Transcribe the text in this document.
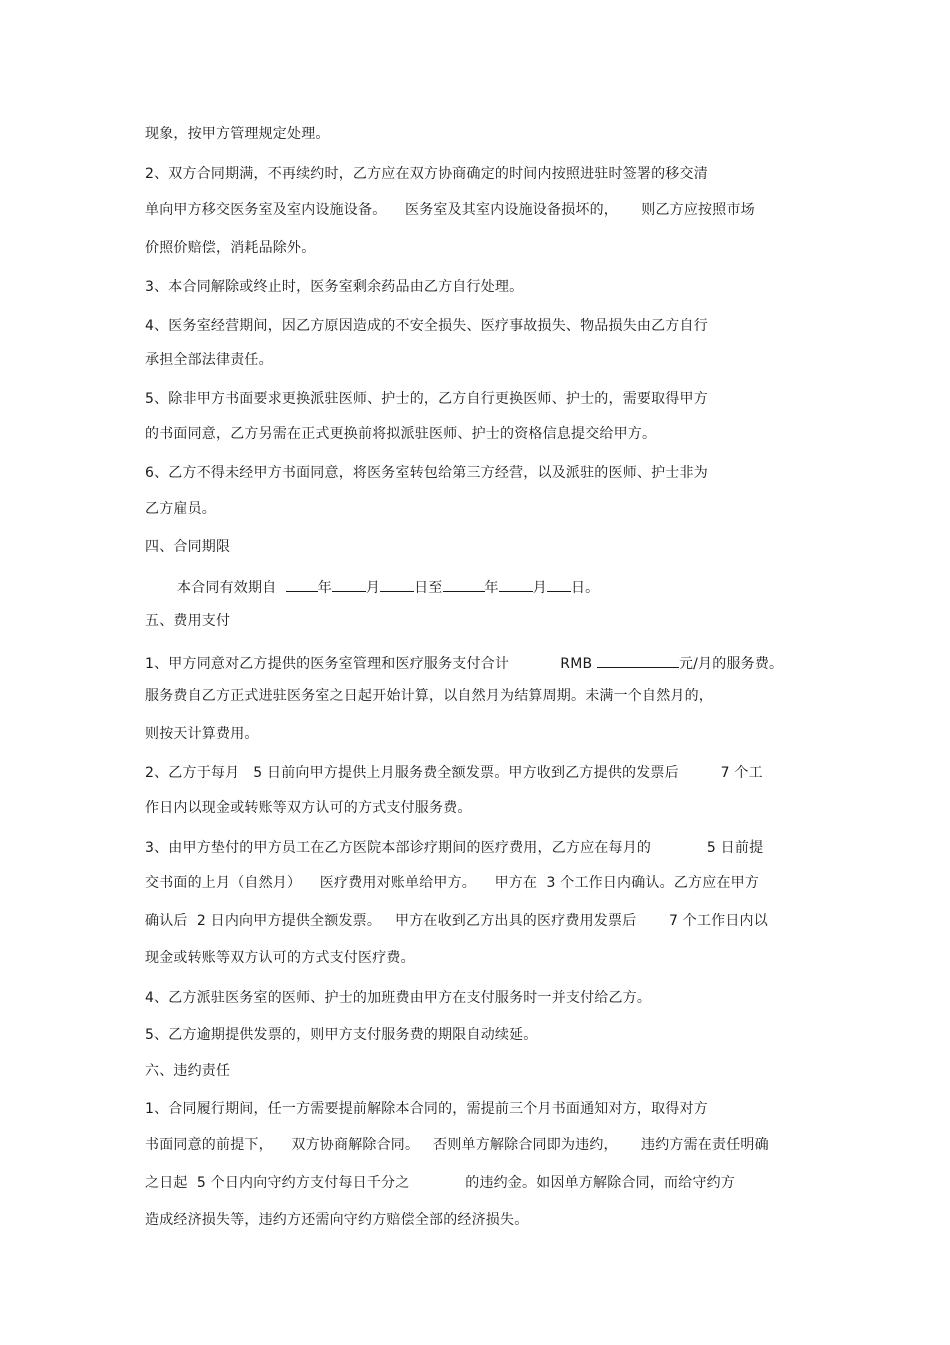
现象，按甲方管理规定处理。
2、双方合同期满，不再续约时，乙方应在双方协商确定的时间内按照进驻时签署的移交清
单向甲方移交医务室及室内设施设备。    医务室及其室内设施设备损坏的，     则乙方应按照市场
价照价赔偿，消耗品除外。
3、本合同解除或终止时，医务室剩余药品由乙方自行处理。
4、医务室经营期间，因乙方原因造成的不安全损失、医疗事故损失、物品损失由乙方自行
承担全部法律责任。
5、除非甲方书面要求更换派驻医师、护士的，乙方自行更换医师、护士的，需要取得甲方
的书面同意，乙方另需在正式更换前将拟派驻医师、护士的资格信息提交给甲方。
6、乙方不得未经甲方书面同意，将医务室转包给第三方经营，以及派驻的医师、护士非为
乙方雇员。
四、合同期限
本合同有效期自	年 月 日至	年 月 日。
五、费用支付
1、甲方同意对乙方提供的医务室管理和医疗服务支付合计	RMB	元/月的服务费。
服务费自乙方正式进驻医务室之日起开始计算，以自然月为结算周期。未满一个自然月的，
则按天计算费用。
2、乙方于每月   5 日前向甲方提供上月服务费全额发票。甲方收到乙方提供的发票后         7 个工
作日内以现金或转账等双方认可的方式支付服务费。
3、由甲方垫付的甲方员工在乙方医院本部诊疗期间的医疗费用，乙方应在每月的            5 日前提
交书面的上月（自然月）    医疗费用对账单给甲方。    甲方在  3 个工作日内确认。乙方应在甲方
确认后  2 日内向甲方提供全额发票。   甲方在收到乙方出具的医疗费用发票后       7 个工作日内以
现金或转账等双方认可的方式支付医疗费。
4、乙方派驻医务室的医师、护士的加班费由甲方在支付服务时一并支付给乙方。
5、乙方逾期提供发票的，则甲方支付服务费的期限自动续延。
六、违约责任
1、合同履行期间，任一方需要提前解除本合同的，需提前三个月书面通知对方，取得对方
书面同意的前提下，    双方协商解除合同。   否则单方解除合同即为违约，     违约方需在责任明确
之日起  5 个日内向守约方支付每日千分之            的违约金。如因单方解除合同，而给守约方
造成经济损失等，违约方还需向守约方赔偿全部的经济损失。
